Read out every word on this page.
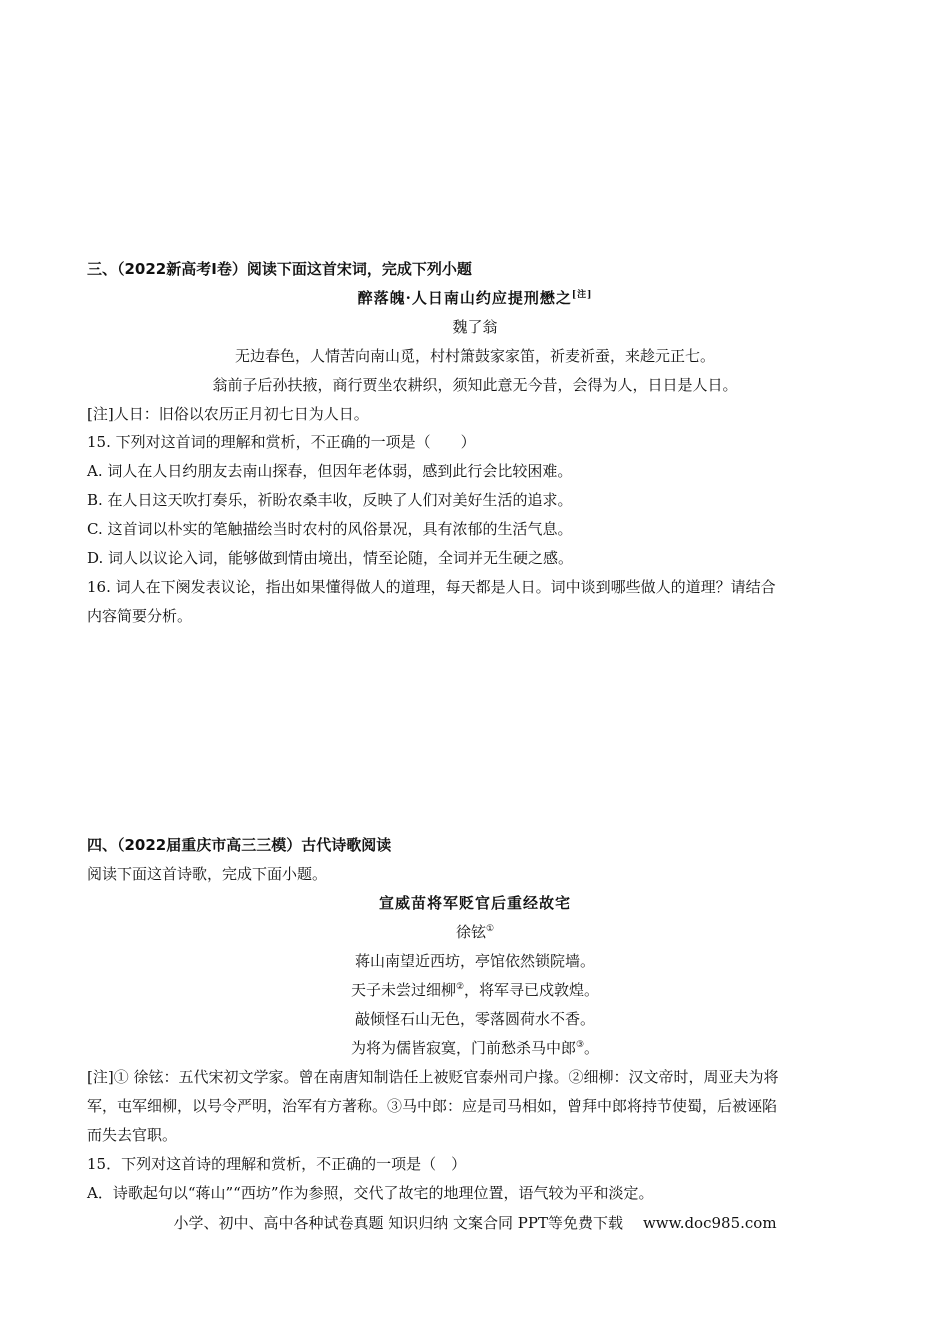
三、（2022新高考Ⅰ卷）阅读下面这首宋词，完成下列小题
醉落魄·人日南山约应提刑懋之[注]
魏了翁
无边春色，人情苦向南山觅，村村箫鼓家家笛，祈麦祈蚕，来趁元正七。
翁前子后孙扶掖，商行贾坐农耕织，须知此意无今昔，会得为人，日日是人日。
[注]人日：旧俗以农历正月初七日为人日。
15. 下列对这首词的理解和赏析，不正确的一项是（　　）
A. 词人在人日约朋友去南山探春，但因年老体弱，感到此行会比较困难。
B. 在人日这天吹打奏乐，祈盼农桑丰收，反映了人们对美好生活的追求。
C. 这首词以朴实的笔触描绘当时农村的风俗景况，具有浓郁的生活气息。
D. 词人以议论入词，能够做到情由境出，情至论随，全词并无生硬之感。
16. 词人在下阕发表议论，指出如果懂得做人的道理，每天都是人日。词中谈到哪些做人的道理？请结合
内容简要分析。
四、（2022届重庆市高三三模）古代诗歌阅读
阅读下面这首诗歌，完成下面小题。
宣威苗将军贬官后重经故宅
徐铉①
蒋山南望近西坊，亭馆依然锁院墙。
天子未尝过细柳②，将军寻已戍敦煌。
敲倾怪石山无色，零落圆荷水不香。
为将为儒皆寂寞，门前愁杀马中郎③。
[注]① 徐铉：五代宋初文学家。曾在南唐知制诰任上被贬官泰州司户掾。②细柳：汉文帝时，周亚夫为将
军，屯军细柳，以号令严明，治军有方著称。③马中郎：应是司马相如，曾拜中郎将持节使蜀，后被诬陷
而失去官职。
15．下列对这首诗的理解和赏析，不正确的一项是（　）
A．诗歌起句以“蒋山”“西坊”作为参照，交代了故宅的地理位置，语气较为平和淡定。
小学、初中、高中各种试卷真题 知识归纳 文案合同 PPT等免费下载 www.doc985.com
